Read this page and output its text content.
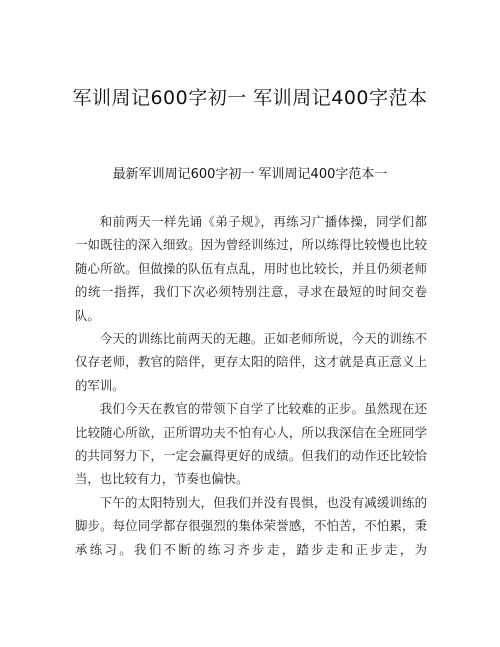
军训周记600字初一 军训周记400字范本
最新军训周记600字初一 军训周记400字范本一

和前两天一样先诵《弟子规》，再练习广播体操，同学们都一如既往的深入细致。因为曾经训练过，所以练得比较慢也比较随心所欲。但做操的队伍有点乱，用时也比较长，并且仍须老师的统一指挥，我们下次必须特别注意，寻求在最短的时间交卷队。

今天的训练比前两天的无趣。正如老师所说，今天的训练不仅存老师，教官的陪伴，更存太阳的陪伴，这才就是真正意义上的军训。

我们今天在教官的带领下自学了比较难的正步。虽然现在还比较随心所欲，正所谓功夫不怕有心人，所以我深信在全班同学的共同努力下，一定会赢得更好的成绩。但我们的动作还比较恰当，也比较有力，节奏也偏快。

下午的太阳特别大，但我们并没有畏惧，也没有减缓训练的脚步。每位同学都存很强烈的集体荣誉感，不怕苦，不怕累，秉承练习。我们不断的练习齐步走，踏步走和正步走，为
